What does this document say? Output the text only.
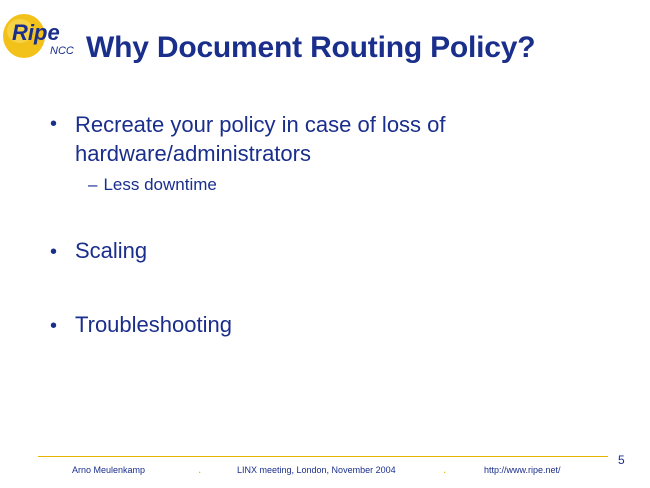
Ripe
NCC Why Document Routing Policy?
• Recreate your policy in case of loss of hardware/administrators
– Less downtime
• Scaling
• Troubleshooting
5
Arno Meulenkamp	.	LINX meeting, London, November 2004	.	http://www.ripe.net/
